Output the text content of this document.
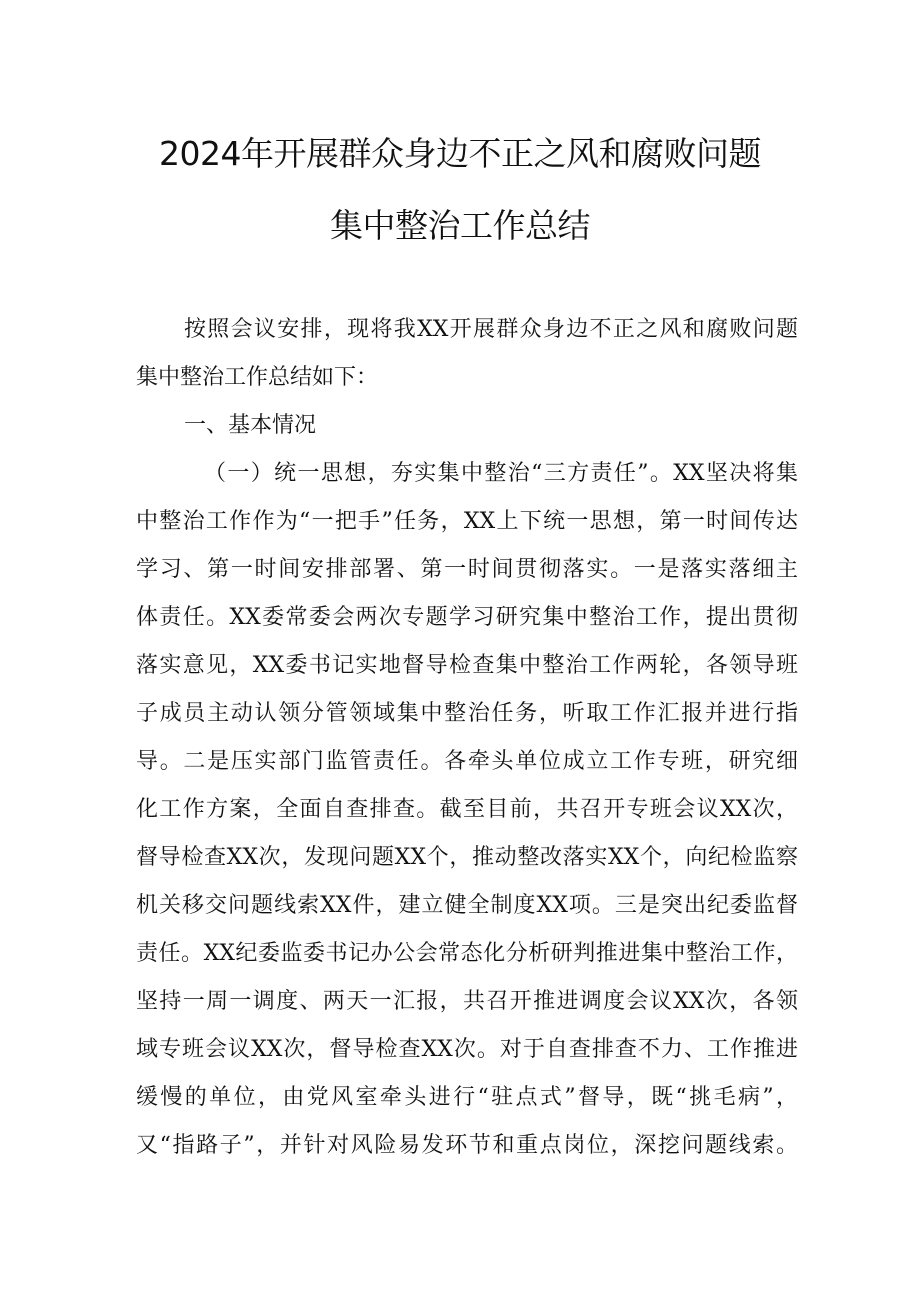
2024年开展群众身边不正之风和腐败问题
集中整治工作总结
按照会议安排，现将我XX开展群众身边不正之风和腐败问题
集中整治工作总结如下：
一、基本情况
（一）统一思想，夯实集中整治“三方责任”。XX坚决将集
中整治工作作为“一把手”任务，XX上下统一思想，第一时间传达
学习、第一时间安排部署、第一时间贯彻落实。一是落实落细主
体责任。XX委常委会两次专题学习研究集中整治工作，提出贯彻
落实意见，XX委书记实地督导检查集中整治工作两轮，各领导班
子成员主动认领分管领域集中整治任务，听取工作汇报并进行指
导。二是压实部门监管责任。各牵头单位成立工作专班，研究细
化工作方案，全面自查排查。截至目前，共召开专班会议XX次，
督导检查XX次，发现问题XX个，推动整改落实XX个，向纪检监察
机关移交问题线索XX件，建立健全制度XX项。三是突出纪委监督
责任。XX纪委监委书记办公会常态化分析研判推进集中整治工作，
坚持一周一调度、两天一汇报，共召开推进调度会议XX次，各领
域专班会议XX次，督导检查XX次。对于自查排查不力、工作推进
缓慢的单位，由党风室牵头进行“驻点式”督导，既“挑毛病”，
又“指路子”，并针对风险易发环节和重点岗位，深挖问题线索。
